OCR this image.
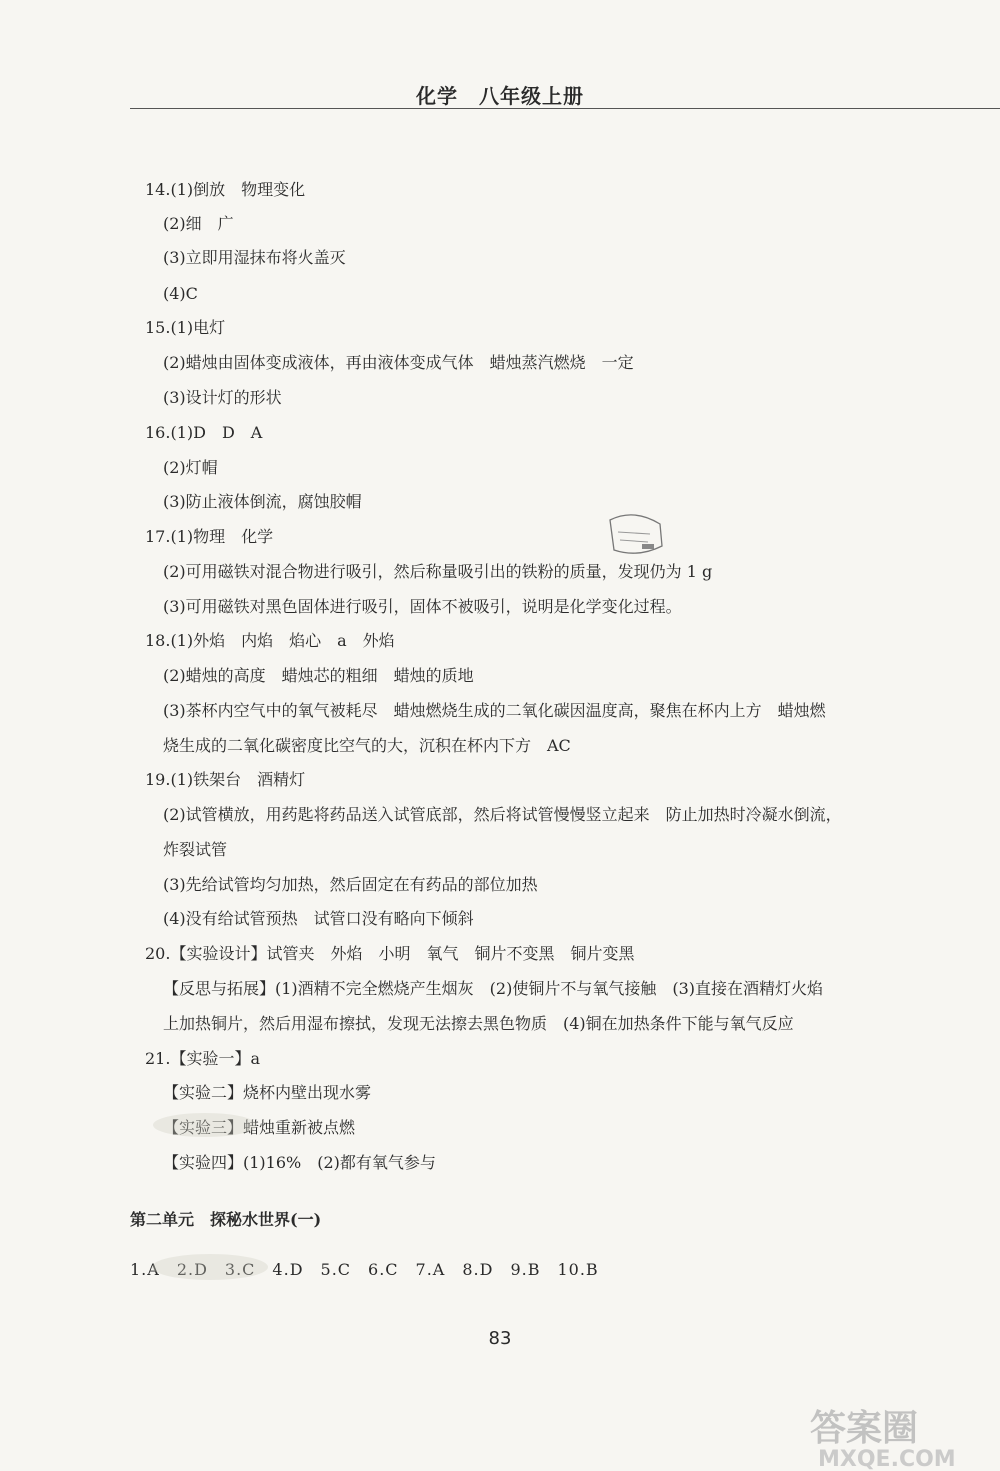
化学　八年级上册
14.(1)倒放　物理变化
(2)细　广
(3)立即用湿抹布将火盖灭
(4)C
15.(1)电灯
(2)蜡烛由固体变成液体，再由液体变成气体　蜡烛蒸汽燃烧　一定
(3)设计灯的形状
16.(1)D　D　A
(2)灯帽
(3)防止液体倒流，腐蚀胶帽
17.(1)物理　化学
(2)可用磁铁对混合物进行吸引，然后称量吸引出的铁粉的质量，发现仍为 1 g
(3)可用磁铁对黑色固体进行吸引，固体不被吸引，说明是化学变化过程。
18.(1)外焰　内焰　焰心　a　外焰
(2)蜡烛的高度　蜡烛芯的粗细　蜡烛的质地
(3)茶杯内空气中的氧气被耗尽　蜡烛燃烧生成的二氧化碳因温度高，聚焦在杯内上方　蜡烛燃
烧生成的二氧化碳密度比空气的大，沉积在杯内下方　AC
19.(1)铁架台　酒精灯
(2)试管横放，用药匙将药品送入试管底部，然后将试管慢慢竖立起来　防止加热时冷凝水倒流，
炸裂试管
(3)先给试管均匀加热，然后固定在有药品的部位加热
(4)没有给试管预热　试管口没有略向下倾斜
20.【实验设计】试管夹　外焰　小明　氧气　铜片不变黑　铜片变黑
【反思与拓展】(1)酒精不完全燃烧产生烟灰　(2)使铜片不与氧气接触　(3)直接在酒精灯火焰
上加热铜片，然后用湿布擦拭，发现无法擦去黑色物质　(4)铜在加热条件下能与氧气反应
21.【实验一】a
【实验二】烧杯内壁出现水雾
【实验三】蜡烛重新被点燃
【实验四】(1)16%　(2)都有氧气参与
第二单元　探秘水世界(一)
1.A　2.D　3.C　4.D　5.C　6.C　7.A　8.D　9.B　10.B
83
答案圈
MXQE.COM
